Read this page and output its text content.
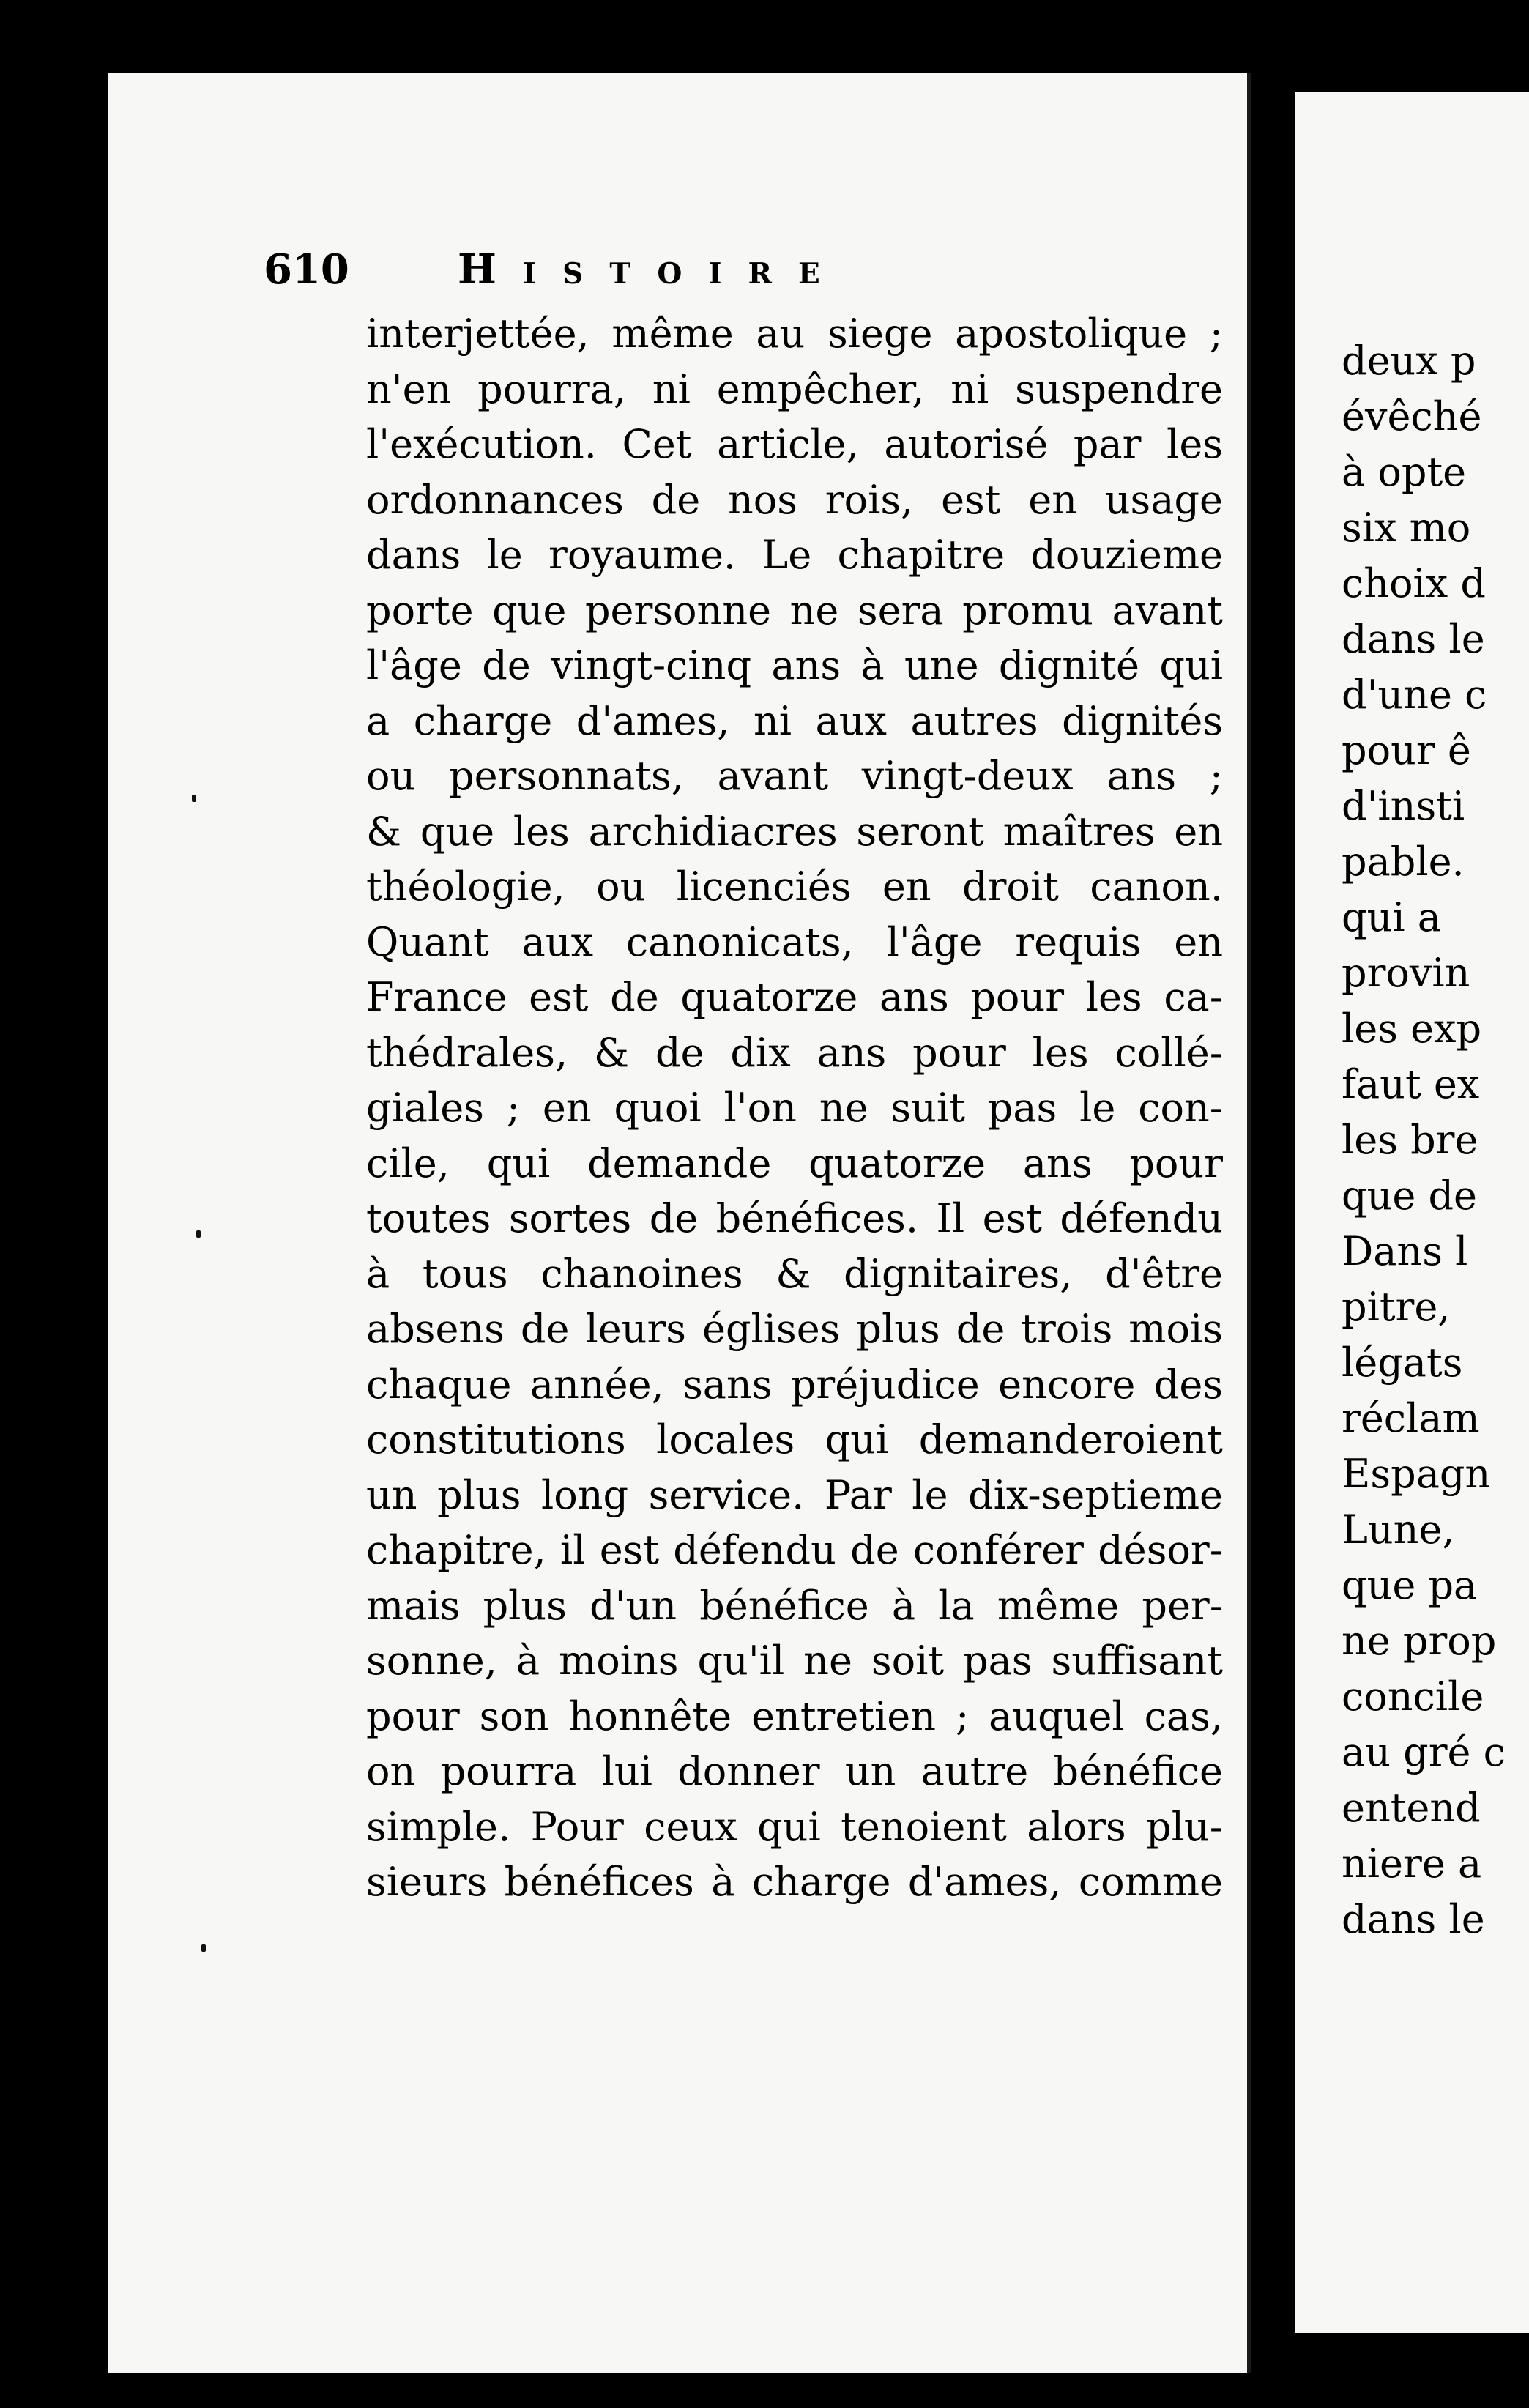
610	Histoire
interjettée, même au siege apostolique ;
n'en pourra, ni empêcher, ni suspendre
l'exécution. Cet article, autorisé par les
ordonnances de nos rois, est en usage
dans le royaume. Le chapitre douzieme
porte que personne ne sera promu avant
l'âge de vingt-cinq ans à une dignité qui
a charge d'ames, ni aux autres dignités
ou personnats, avant vingt-deux ans ;
& que les archidiacres seront maîtres en
théologie, ou licenciés en droit canon.
Quant aux canonicats, l'âge requis en
France est de quatorze ans pour les ca-
thédrales, & de dix ans pour les collé-
giales ; en quoi l'on ne suit pas le con-
cile, qui demande quatorze ans pour
toutes sortes de bénéfices. Il est défendu
à tous chanoines & dignitaires, d'être
absens de leurs églises plus de trois mois
chaque année, sans préjudice encore des
constitutions locales qui demanderoient
un plus long service. Par le dix-septieme
chapitre, il est défendu de conférer désor-
mais plus d'un bénéfice à la même per-
sonne, à moins qu'il ne soit pas suffisant
pour son honnête entretien ; auquel cas,
on pourra lui donner un autre bénéfice
simple. Pour ceux qui tenoient alors plu-
sieurs bénéfices à charge d'ames, comme
deux p
évêché
à opte
six mo
choix d
dans le
d'une c
pour ê
d'insti
pable.
qui a
provin
les exp
faut ex
les bre
que de
Dans l
pitre,
légats
réclam
Espagn
Lune,
que pa
ne prop
concile
au gré c
entend
niere a
dans le
